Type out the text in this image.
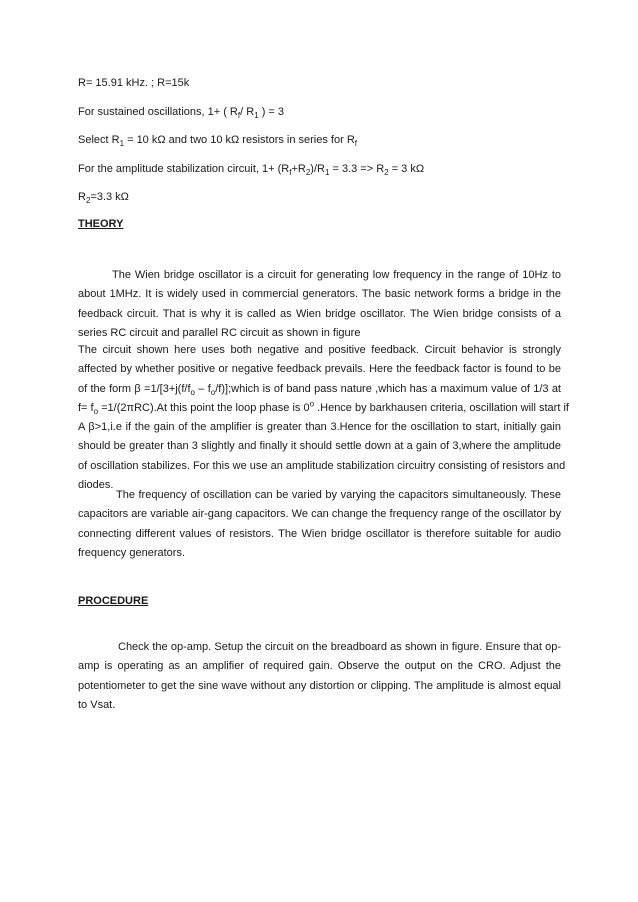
R= 15.91 kHz. ; R=15k
For sustained oscillations, 1+ ( $R_f/$ $R_1$ ) = 3
Select $R_1 = 10$ kΩ and two 10 kΩ resistors in series for $R_f$
For the amplitude stabilization circuit, $1+ (R_f+R_2)/R_1 = 3.3 => R_2 = 3$ kΩ
$R_2=3.3$ kΩ
THEORY
The Wien bridge oscillator is a circuit for generating low frequency in the range of 10Hz to
about 1MHz. It is widely used in commercial generators. The basic network forms a bridge in the
feedback circuit. That is why it is called as Wien bridge oscillator. The Wien bridge consists of a
series RC circuit and parallel RC circuit as shown in figure
The circuit shown here uses both negative and positive feedback. Circuit behavior is strongly
affected by whether positive or negative feedback prevails. Here the feedback factor is found to be
of the form $\beta =1/[3+j(f/f_o$ – $f_o/f)];which$ is of band pass nature ,which has a maximum value of 1/3 at
$f= f_o =1/(2\pi RC).At$ this point the loop phase is 0$^o$ .Hence by barkhausen criteria, oscillation will start if
A β>1,i.e if the gain of the amplifier is greater than 3.Hence for the oscillation to start, initially gain
should be greater than 3 slightly and finally it should settle down at a gain of 3,where the amplitude
of oscillation stabilizes. For this we use an amplitude stabilization circuitry consisting of resistors and
diodes.
The frequency of oscillation can be varied by varying the capacitors simultaneously. These
capacitors are variable air-gang capacitors. We can change the frequency range of the oscillator by
connecting different values of resistors. The Wien bridge oscillator is therefore suitable for audio
frequency generators.
PROCEDURE
Check the op-amp. Setup the circuit on the breadboard as shown in figure. Ensure that op-
amp is operating as an amplifier of required gain. Observe the output on the CRO. Adjust the
potentiometer to get the sine wave without any distortion or clipping. The amplitude is almost equal
to Vsat.
